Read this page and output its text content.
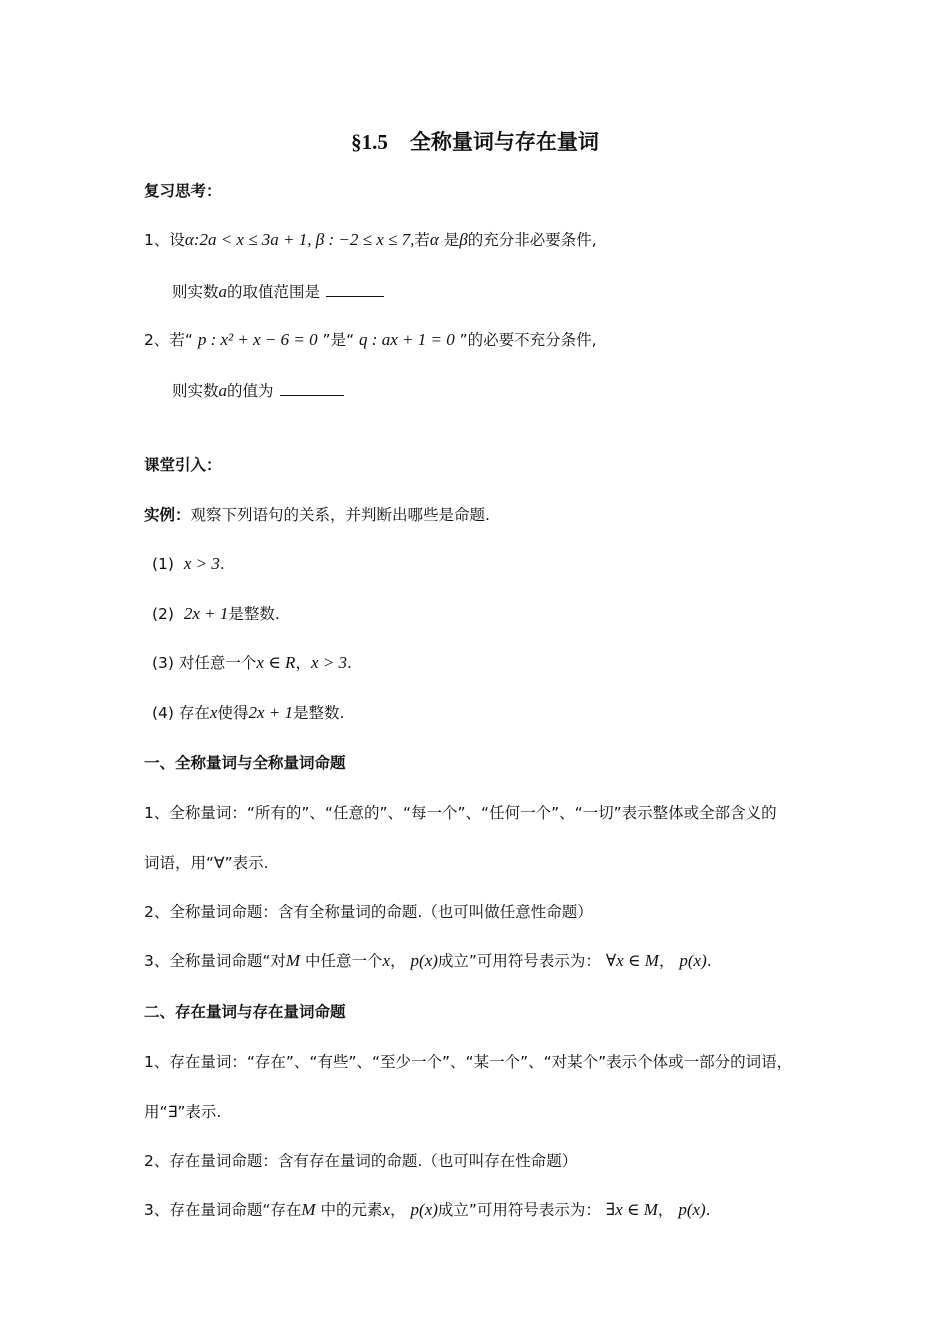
§1.5 全称量词与存在量词
复习思考：
1、设α:2a < x ≤ 3a + 1, β : −2 ≤ x ≤ 7,若α 是β的充分非必要条件,
则实数a的取值范围是
2、若“ p : x² + x − 6 = 0 ”是“ q : ax + 1 = 0 ”的必要不充分条件,
则实数a的值为
课堂引入：
实例：观察下列语句的关系，并判断出哪些是命题.
(1) x > 3.
(2) 2x + 1是整数.
(3) 对任意一个x ∈ R，x > 3.
(4) 存在x使得2x + 1是整数.
一、全称量词与全称量词命题
1、全称量词：“所有的”、“任意的”、“每一个”、“任何一个”、“一切”表示整体或全部含义的
词语，用“∀”表示.
2、全称量词命题：含有全称量词的命题.（也可叫做任意性命题）
3、全称量词命题“对M 中任意一个x， p(x)成立”可用符号表示为： ∀x ∈ M， p(x).
二、存在量词与存在量词命题
1、存在量词：“存在”、“有些”、“至少一个”、“某一个”、“对某个”表示个体或一部分的词语，
用“∃”表示.
2、存在量词命题：含有存在量词的命题.（也可叫存在性命题）
3、存在量词命题“存在M 中的元素x， p(x)成立”可用符号表示为： ∃x ∈ M， p(x).
